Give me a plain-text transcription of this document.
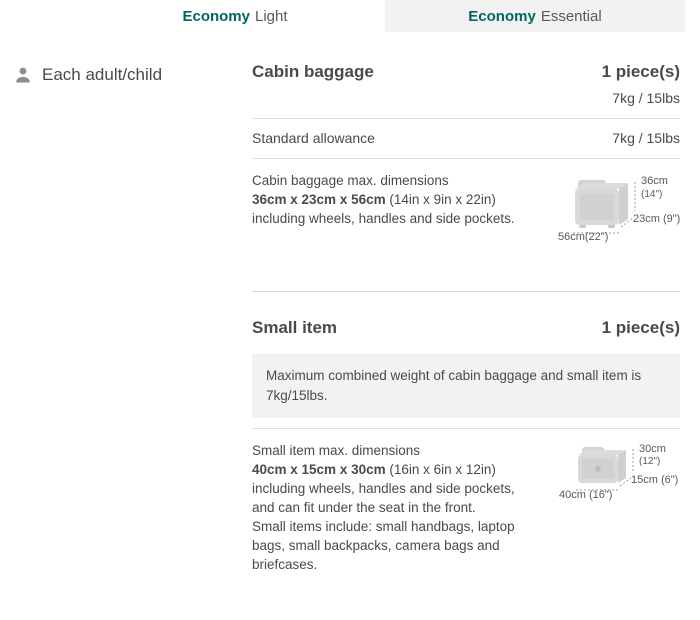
Economy Light	Economy Essential
Each adult/child	Cabin baggage	1 piece(s)
7kg / 15lbs
Standard allowance	7kg / 15lbs
Cabin baggage max. dimensions
36cm x 23cm x 56cm (14in x 9in x 22in)
including wheels, handles and side pockets.
36cm
(14")
23cm (9")
56cm(22")
Small item	1 piece(s)
Maximum combined weight of cabin baggage and small item is 7kg/15lbs.
Small item max. dimensions
40cm x 15cm x 30cm (16in x 6in x 12in)
including wheels, handles and side pockets,
and can fit under the seat in the front.
Small items include: small handbags, laptop
bags, small backpacks, camera bags and
briefcases.
30cm
(12")
15cm (6")
40cm (16")
